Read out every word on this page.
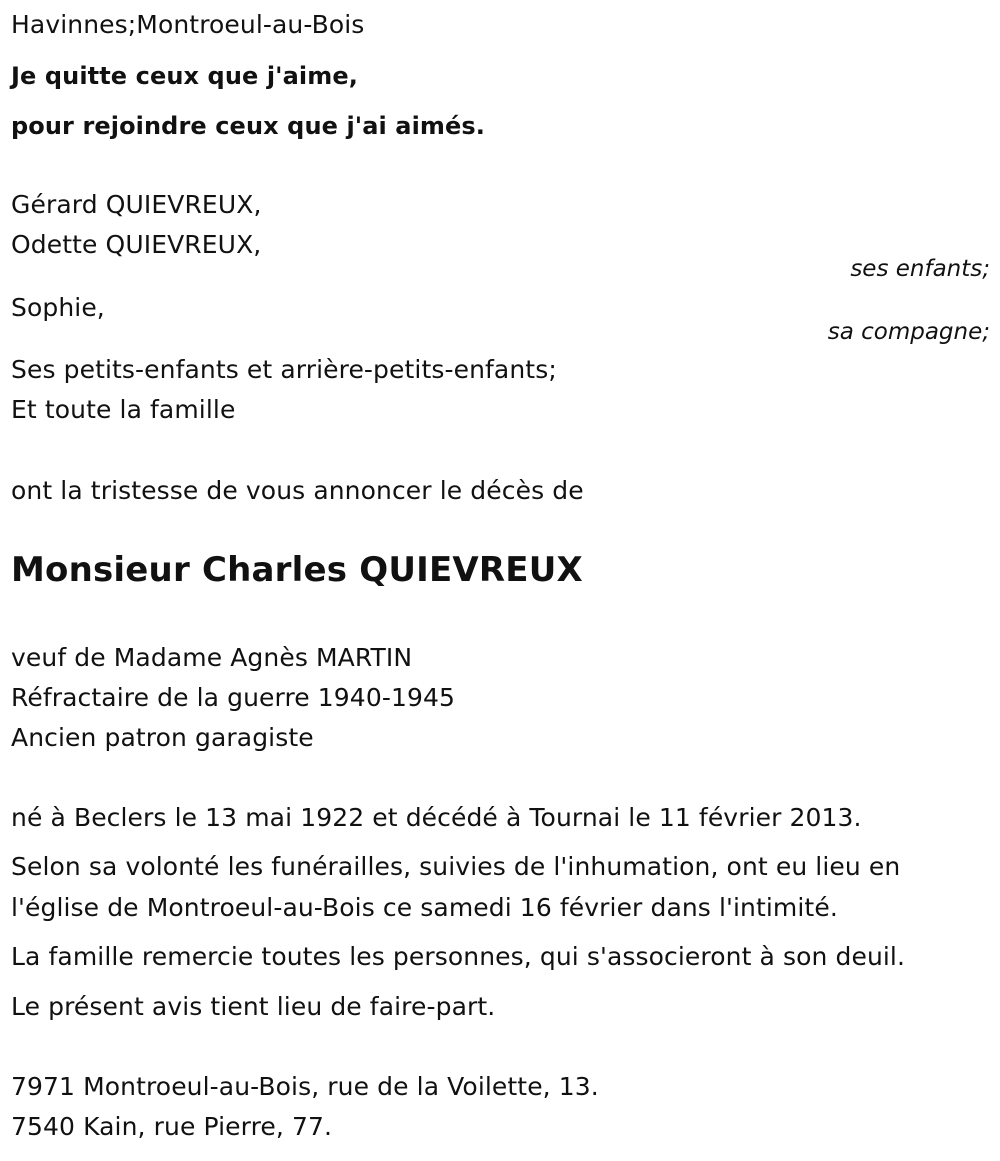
Havinnes;Montroeul-au-Bois
Je quitte ceux que j'aime,
pour rejoindre ceux que j'ai aimés.
Gérard QUIEVREUX,
Odette QUIEVREUX,
ses enfants;
Sophie,
sa compagne;
Ses petits-enfants et arrière-petits-enfants;
Et toute la famille
ont la tristesse de vous annoncer le décès de
Monsieur Charles QUIEVREUX
veuf de Madame Agnès MARTIN
Réfractaire de la guerre 1940-1945
Ancien patron garagiste
né à Beclers le 13 mai 1922 et décédé à Tournai le 11 février 2013.
Selon sa volonté les funérailles, suivies de l'inhumation, ont eu lieu en
l'église de Montroeul-au-Bois ce samedi 16 février dans l'intimité.
La famille remercie toutes les personnes, qui s'associeront à son deuil.
Le présent avis tient lieu de faire-part.
7971 Montroeul-au-Bois, rue de la Voilette, 13.
7540 Kain, rue Pierre, 77.
